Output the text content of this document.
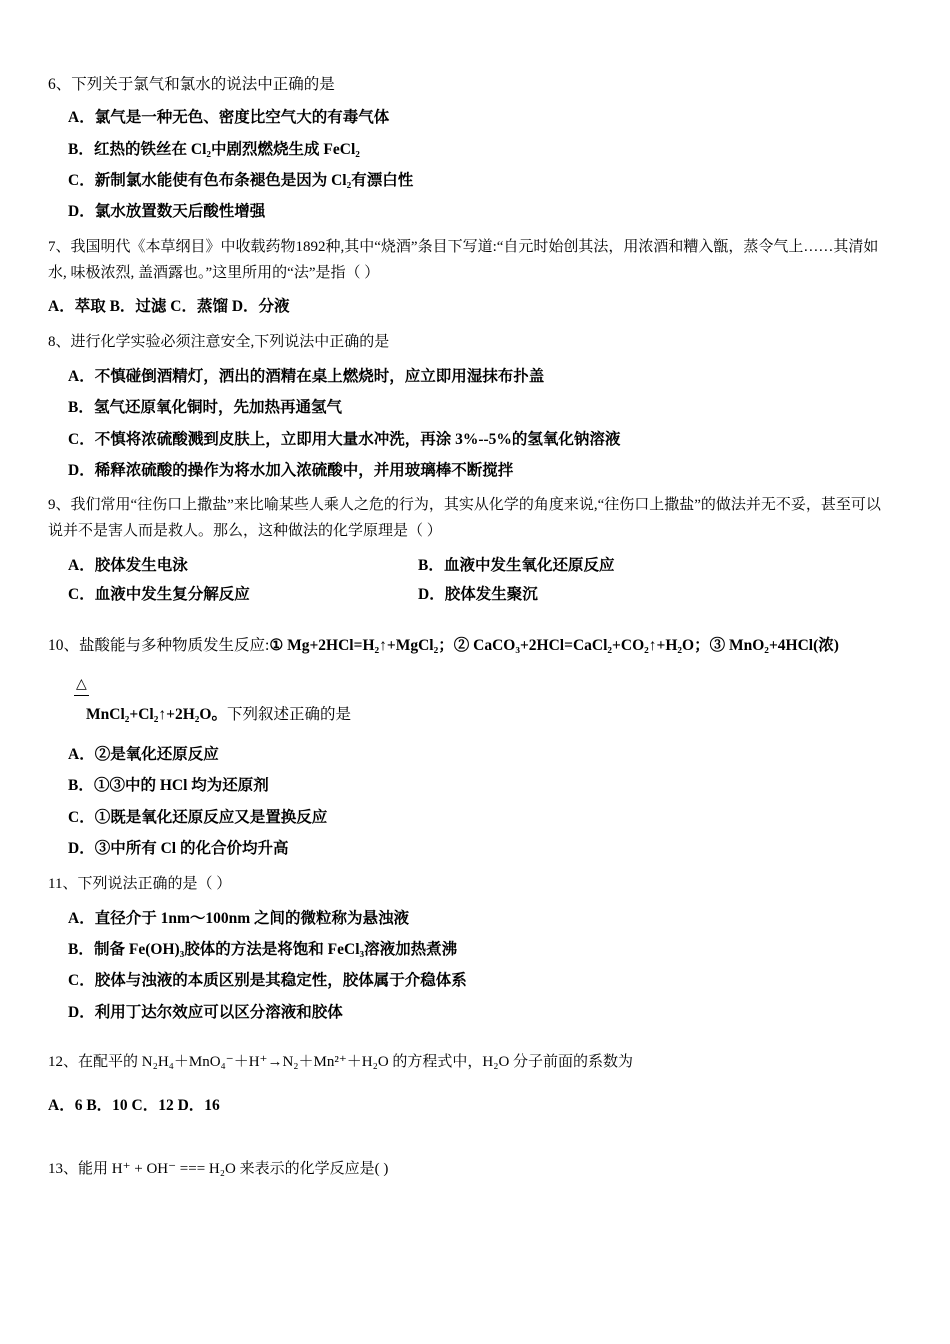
6、下列关于氯气和氯水的说法中正确的是

A．氯气是一种无色、密度比空气大的有毒气体

B．红热的铁丝在 Cl₂中剧烈燃烧生成 FeCl₂

C．新制氯水能使有色布条褪色是因为 Cl₂有漂白性

D．氯水放置数天后酸性增强

7、我国明代《本草纲目》中收载药物1892种,其中“烧酒”条目下写道:“自元时始创其法，用浓酒和糟入甑，蒸令气上……其清如水, 味极浓烈, 盖酒露也。”这里所用的“法”是指（ ）

A．萃取 B．过滤 C．蒸馏 D．分液

8、进行化学实验必须注意安全,下列说法中正确的是

A．不慎碰倒酒精灯，洒出的酒精在桌上燃烧时，应立即用湿抹布扑盖

B．氢气还原氧化铜时，先加热再通氢气

C．不慎将浓硫酸溅到皮肤上，立即用大量水冲洗，再涂 3%--5%的氢氧化钠溶液

D．稀释浓硫酸的操作为将水加入浓硫酸中，并用玻璃棒不断搅拌

9、我们常用“往伤口上撒盐”来比喻某些人乘人之危的行为，其实从化学的角度来说,“往伤口上撒盐”的做法并无不妥，甚至可以说并不是害人而是救人。那么，这种做法的化学原理是（ ）

A．胶体发生电泳	B．血液中发生氧化还原反应
C．血液中发生复分解反应	D．胶体发生聚沉

10、盐酸能与多种物质发生反应:① Mg+2HCl=H₂↑+MgCl₂；② CaCO₃+2HCl=CaCl₂+CO₂↑+H₂O；③ MnO₂+4HCl(浓)

△
MnCl₂+Cl₂↑+2H₂O。下列叙述正确的是

A．②是氧化还原反应

B．①③中的 HCl 均为还原剂

C．①既是氧化还原反应又是置换反应

D．③中所有 Cl 的化合价均升高

11、下列说法正确的是（ ）

A．直径介于 1nm～100nm 之间的微粒称为悬浊液

B．制备 Fe(OH)₃胶体的方法是将饱和 FeCl₃溶液加热煮沸

C．胶体与浊液的本质区别是其稳定性，胶体属于介稳体系

D．利用丁达尔效应可以区分溶液和胶体

12、在配平的 N₂H₄＋MnO₄⁻＋H⁺→N₂＋Mn²⁺＋H₂O 的方程式中，H₂O 分子前面的系数为

A．6 B．10 C．12 D．16

13、能用 H⁺ + OH⁻ === H₂O 来表示的化学反应是( )
